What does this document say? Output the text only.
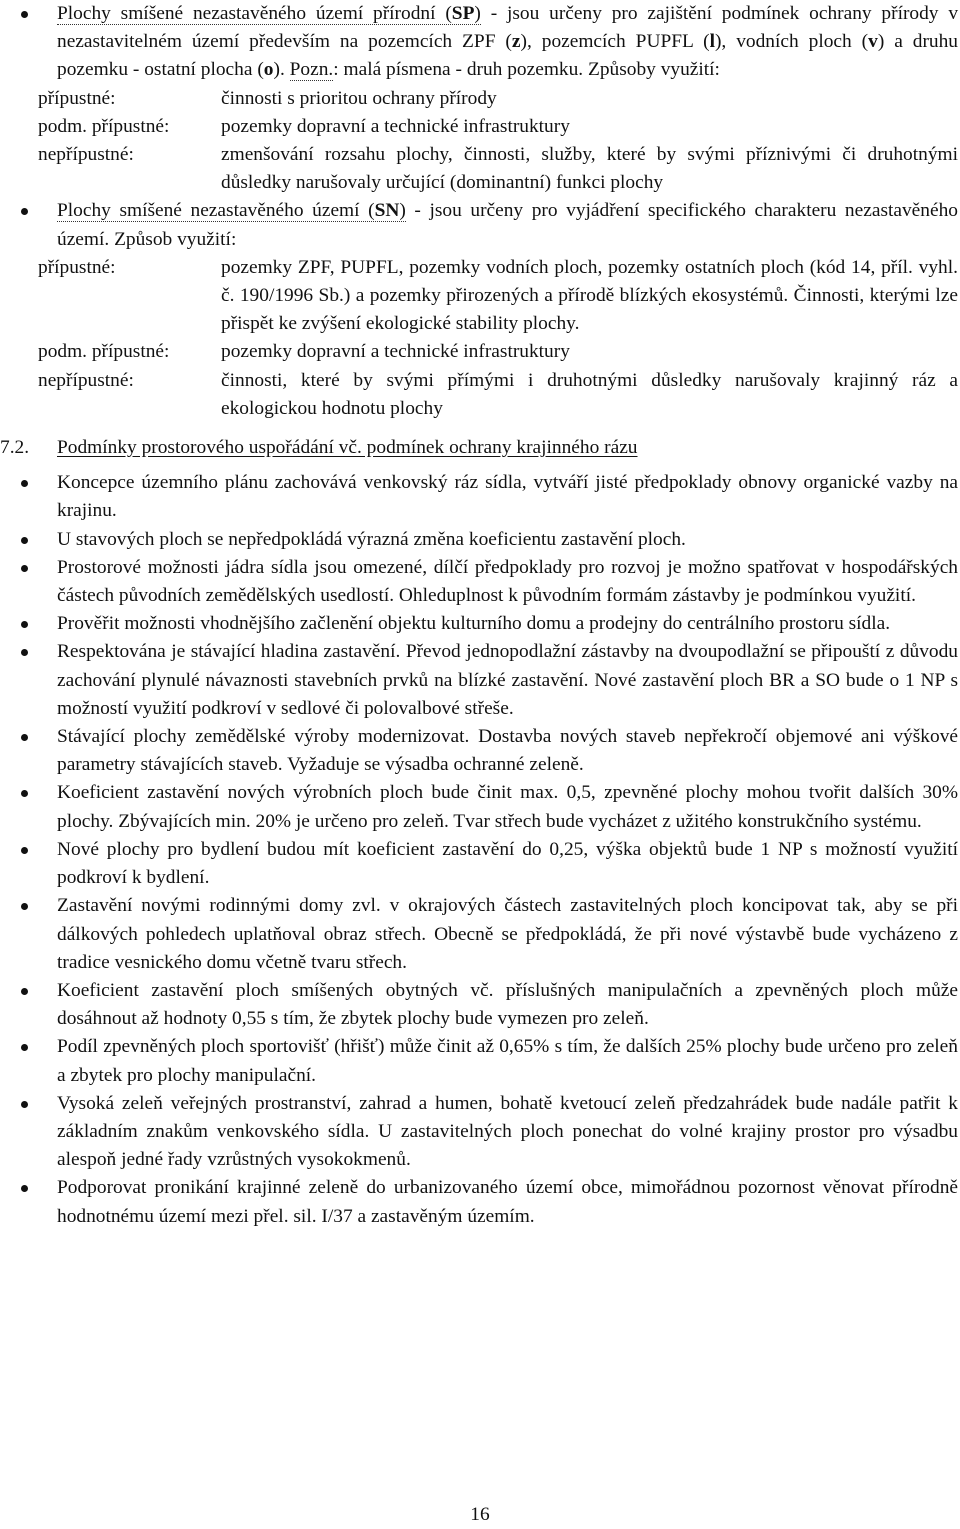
Plochy smíšené nezastavěného území přírodní (SP) - jsou určeny pro zajištění podmínek ochrany přírody v nezastavitelném území především na pozemcích ZPF (z), pozemcích PUPFL (l), vodních ploch (v) a druhu pozemku - ostatní plocha (o). Pozn.: malá písmena - druh pozemku. Způsoby využití:
přípustné:	činnosti s prioritou ochrany přírody
podm. přípustné:	pozemky dopravní a technické infrastruktury
nepřípustné:	zmenšování rozsahu plochy, činnosti, služby, které by svými příznivými či druhotnými důsledky narušovaly určující (dominantní) funkci plochy
Plochy smíšené nezastavěného území (SN) - jsou určeny pro vyjádření specifického charakteru nezastavěného území. Způsob využití:
přípustné:	pozemky ZPF, PUPFL, pozemky vodních ploch, pozemky ostatních ploch (kód 14, příl. vyhl. č. 190/1996 Sb.) a pozemky přirozených a přírodě blízkých ekosystémů. Činnosti, kterými lze přispět ke zvýšení ekologické stability plochy.
podm. přípustné:	pozemky dopravní a technické infrastruktury
nepřípustné:	činnosti, které by svými přímými i druhotnými důsledky narušovaly krajinný ráz a ekologickou hodnotu plochy
7.2.	Podmínky prostorového uspořádání vč. podmínek ochrany krajinného rázu
Koncepce územního plánu zachovává venkovský ráz sídla, vytváří jisté předpoklady obnovy organické vazby na krajinu.
U stavových ploch se nepředpokládá výrazná změna koeficientu zastavění ploch.
Prostorové možnosti jádra sídla jsou omezené, dílčí předpoklady pro rozvoj je možno spatřovat v hospodářských částech původních zemědělských usedlostí. Ohleduplnost k původním formám zástavby je podmínkou využití.
Prověřit možnosti vhodnějšího začlenění objektu kulturního domu a prodejny do centrálního prostoru sídla.
Respektována je stávající hladina zastavění. Převod jednopodlažní zástavby na dvoupodlažní se připouští z důvodu zachování plynulé návaznosti stavebních prvků na blízké zastavění. Nové zastavění ploch BR a SO bude o 1 NP s možností využití podkroví v sedlové či polovalbové střeše.
Stávající plochy zemědělské výroby modernizovat. Dostavba nových staveb nepřekročí objemové ani výškové parametry stávajících staveb. Vyžaduje se výsadba ochranné zeleně.
Koeficient zastavění nových výrobních ploch bude činit max. 0,5, zpevněné plochy mohou tvořit dalších 30% plochy. Zbývajících min. 20% je určeno pro zeleň. Tvar střech bude vycházet z užitého konstrukčního systému.
Nové plochy pro bydlení budou mít koeficient zastavění do 0,25, výška objektů bude 1 NP s možností využití podkroví k bydlení.
Zastavění novými rodinnými domy zvl. v okrajových částech zastavitelných ploch koncipovat tak, aby se při dálkových pohledech uplatňoval obraz střech. Obecně se předpokládá, že při nové výstavbě bude vycházeno z tradice vesnického domu včetně tvaru střech.
Koeficient zastavění ploch smíšených obytných vč. příslušných manipulačních a zpevněných ploch může dosáhnout až hodnoty 0,55 s tím, že zbytek plochy bude vymezen pro zeleň.
Podíl zpevněných ploch sportovišť (hřišť) může činit až 0,65% s tím, že dalších 25% plochy bude určeno pro zeleň a zbytek pro plochy manipulační.
Vysoká zeleň veřejných prostranství, zahrad a humen, bohatě kvetoucí zeleň předzahrádek bude nadále patřit k základním znakům venkovského sídla. U zastavitelných ploch ponechat do volné krajiny prostor pro výsadbu alespoň jedné řady vzrůstných vysokokmenů.
Podporovat pronikání krajinné zeleně do urbanizovaného území obce, mimořádnou pozornost věnovat přírodně hodnotnému území mezi přel. sil. I/37 a zastavěným územím.
16
